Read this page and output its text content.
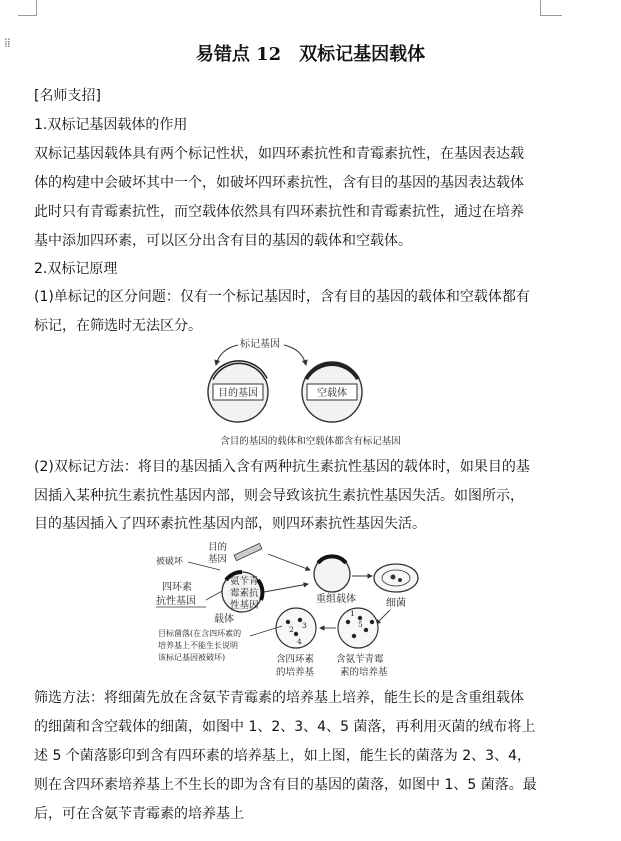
⁞⁞
易错点 12　双标记基因载体

[名师支招]

1.双标记基因载体的作用

双标记基因载体具有两个标记性状，如四环素抗性和青霉素抗性，在基因表达载

体的构建中会破坏其中一个，如破坏四环素抗性，含有目的基因的基因表达载体

此时只有青霉素抗性，而空载体依然具有四环素抗性和青霉素抗性，通过在培养

基中添加四环素，可以区分出含有目的基因的载体和空载体。

2.双标记原理

(1)单标记的区分问题：仅有一个标记基因时，含有目的基因的载体和空载体都有

标记，在筛选时无法区分。

目的基因	空载体
标记基因
含目的基因的载体和空载体都含有标记基因

(2)双标记方法：将目的基因插入含有两种抗生素抗性基因的载体时，如果目的基

因插入某种抗生素抗性基因内部，则会导致该抗生素抗性基因失活。如图所示，

目的基因插入了四环素抗性基因内部，则四环素抗性基因失活。

被破坏
四环素
抗性基因
载体
目的
基因
氨苄青
霉素抗
性基因
重组载体	细菌
2 3
4
1
5
目标菌落(在含四环素的
培养基上不能生长说明
该标记基因被破坏)	含四环素
的培养基
含氨苄青霉
素的培养基

筛选方法：将细菌先放在含氨苄青霉素的培养基上培养，能生长的是含重组载体

的细菌和含空载体的细菌，如图中 1、2、3、4、5 菌落，再利用灭菌的绒布将上

述 5 个菌落影印到含有四环素的培养基上，如上图，能生长的菌落为 2、3、4，

则在含四环素培养基上不生长的即为含有目的基因的菌落，如图中 1、5 菌落。最

后，可在含氨苄青霉素的培养基上
